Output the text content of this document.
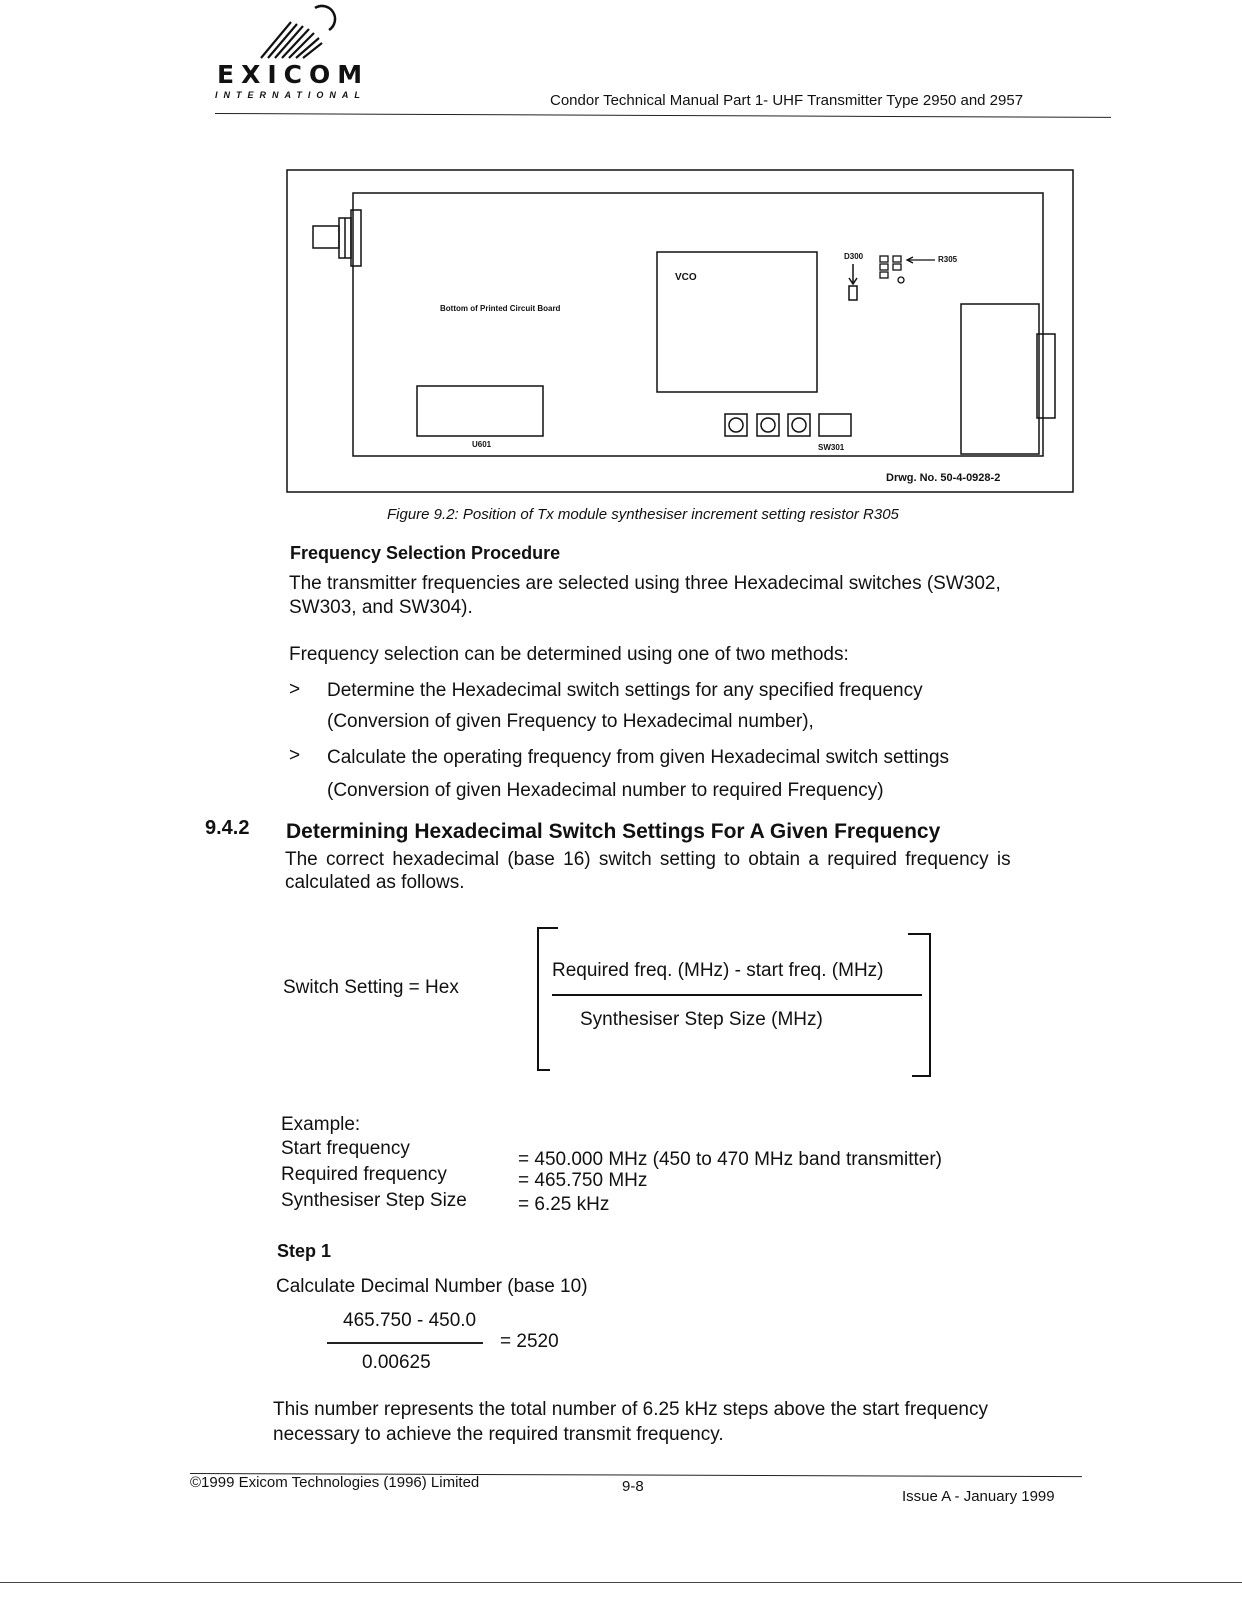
EXICOM
INTERNATIONAL	Condor Technical Manual Part 1- UHF Transmitter Type 2950 and 2957
Bottom of Printed Circuit Board
VCO
D300	R305
U601	SW301
Drwg. No. 50-4-0928-2
Figure 9.2: Position of Tx module synthesiser increment setting resistor R305
Frequency Selection Procedure
The transmitter frequencies are selected using three Hexadecimal switches (SW302,
SW303, and SW304).
Frequency selection can be determined using one of two methods:
> Determine the Hexadecimal switch settings for any specified frequency
(Conversion of given Frequency to Hexadecimal number),
> Calculate the operating frequency from given Hexadecimal switch settings
(Conversion of given Hexadecimal number to required Frequency)
9.4.2 Determining Hexadecimal Switch Settings For A Given Frequency
The correct hexadecimal (base 16) switch setting to obtain a required frequency is
calculated as follows.
Switch Setting = Hex
Required freq. (MHz) - start freq. (MHz)
Synthesiser Step Size (MHz)
Example:
Start frequency
= 450.000 MHz (450 to 470 MHz band transmitter)
Required frequency	= 465.750 MHz
Synthesiser Step Size	= 6.25 kHz
Step 1
Calculate Decimal Number (base 10)
465.750 - 450.0
= 2520
0.00625
This number represents the total number of 6.25 kHz steps above the start frequency
necessary to achieve the required transmit frequency.
©1999 Exicom Technologies (1996) Limited	9-8
Issue A - January 1999
